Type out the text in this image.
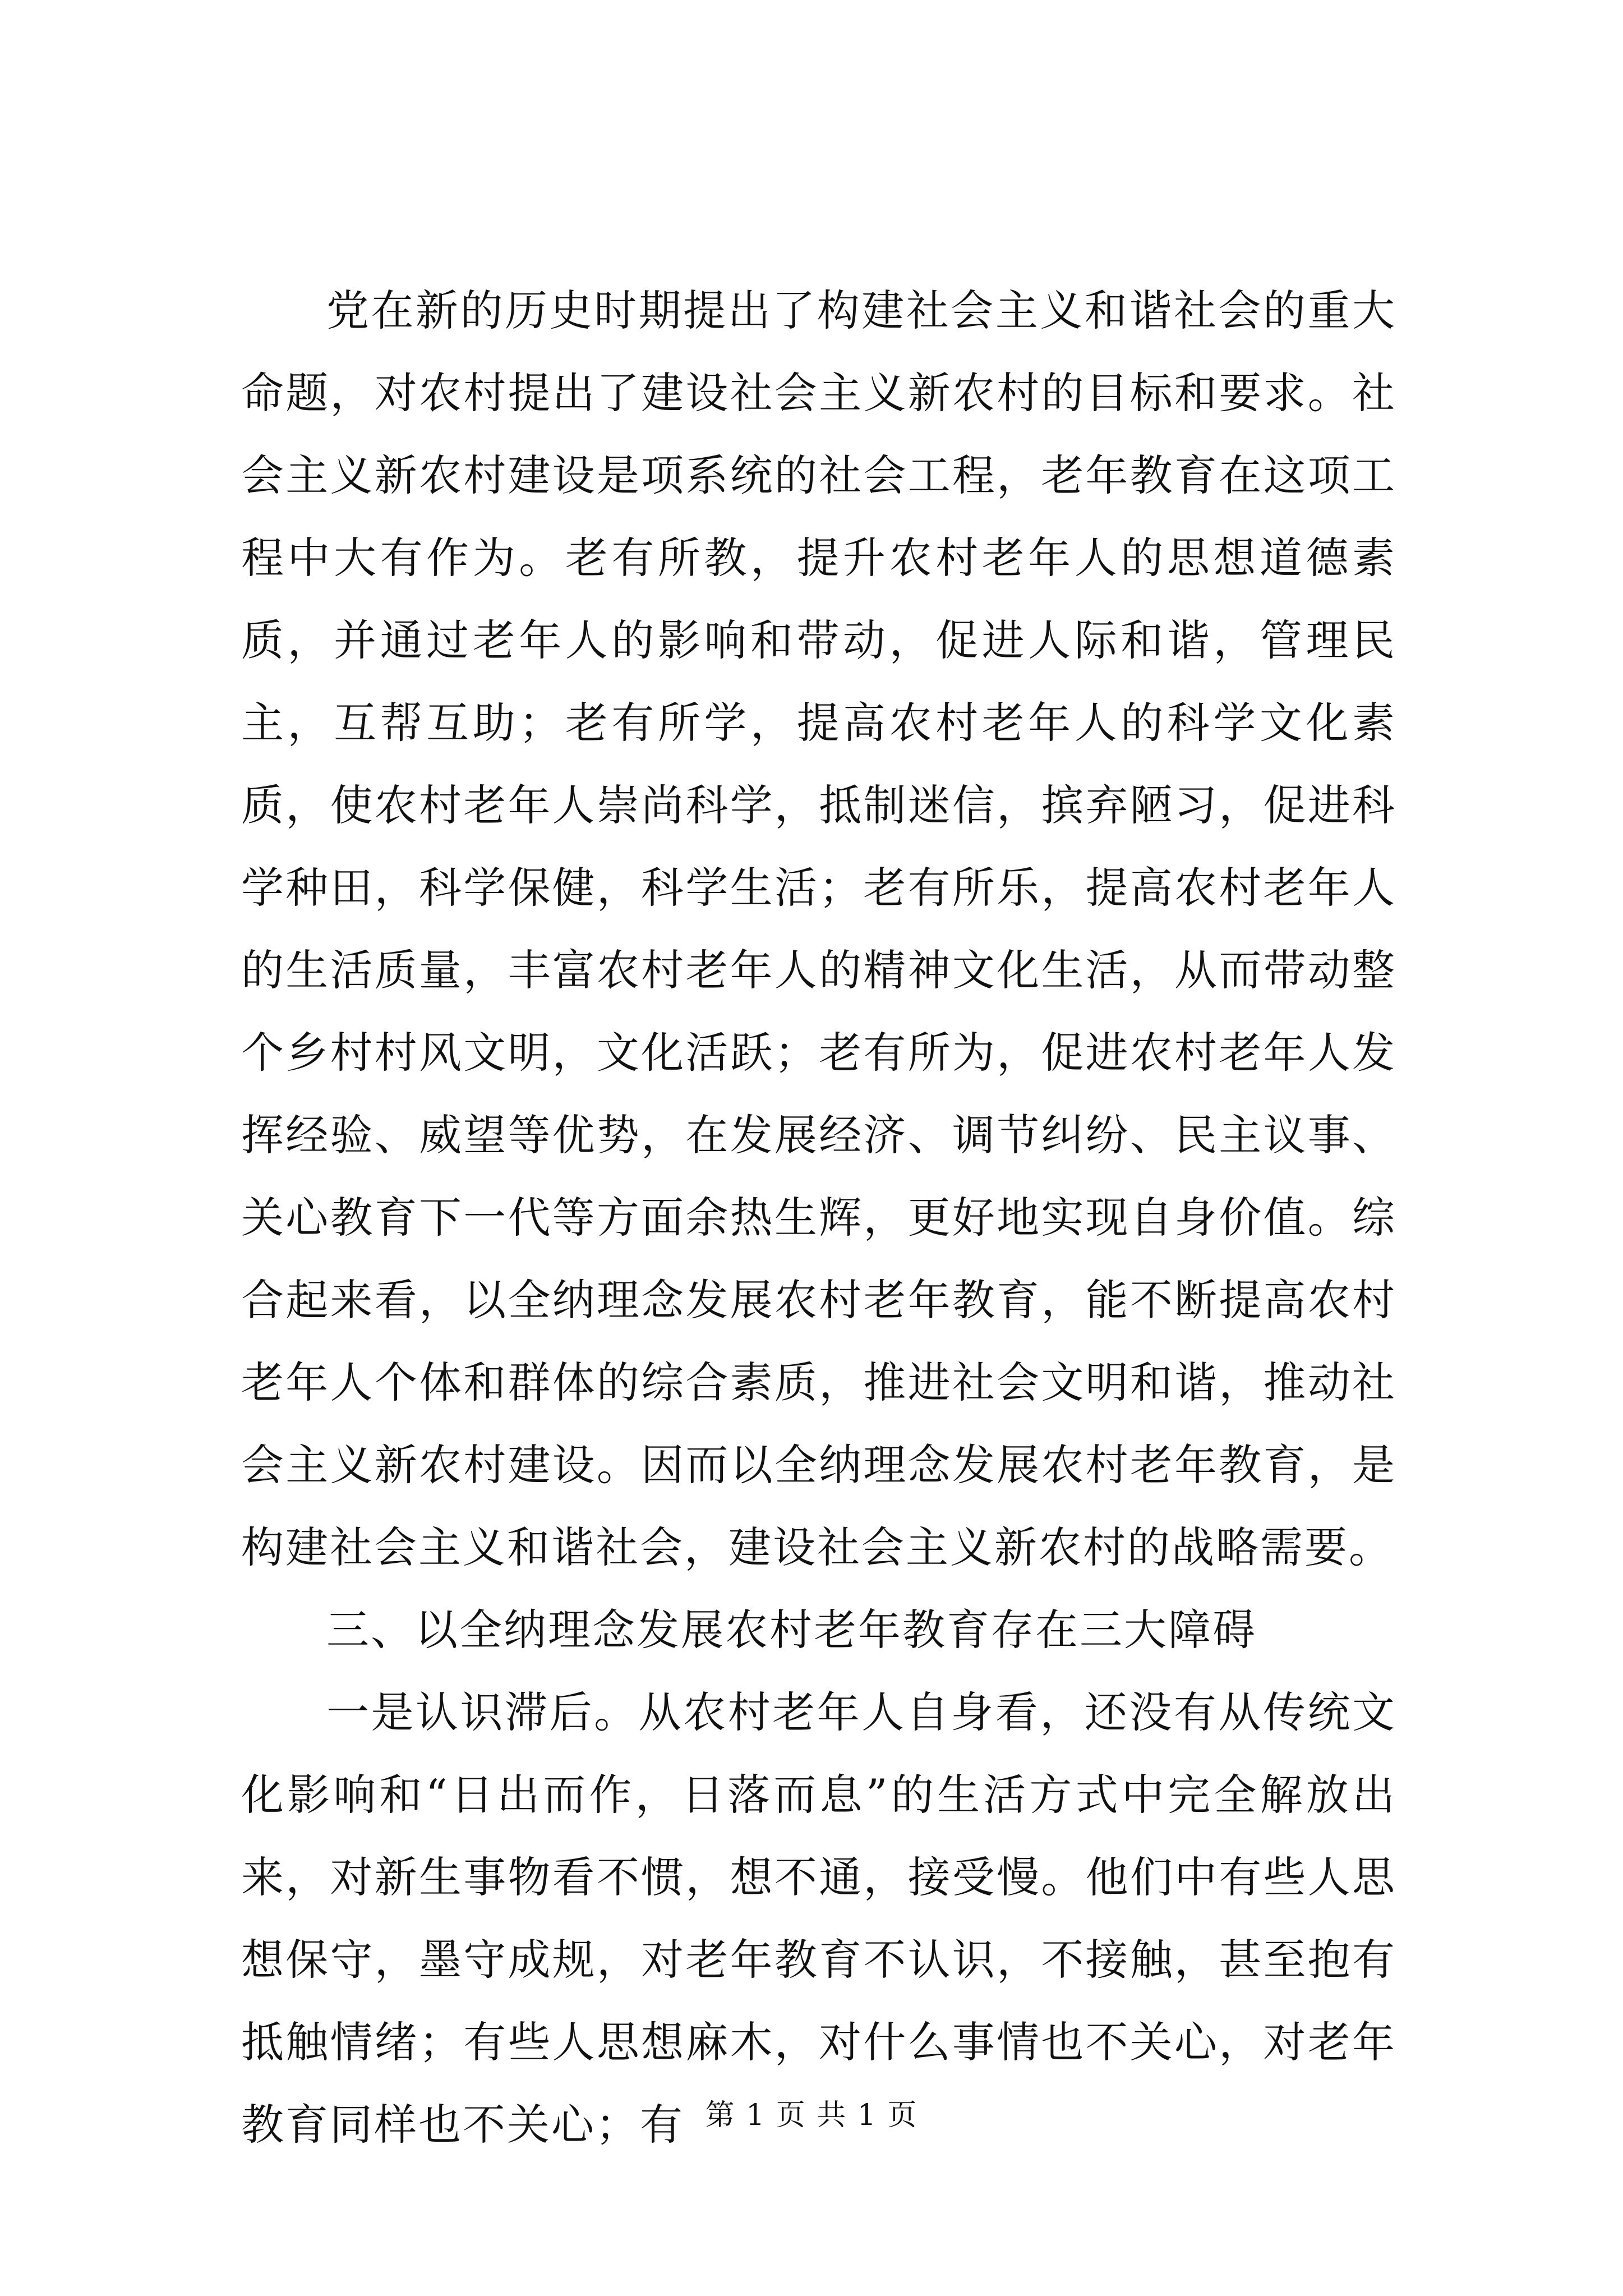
党在新的历史时期提出了构建社会主义和谐社会的重大命题，对农村提出了建设社会主义新农村的目标和要求。社会主义新农村建设是项系统的社会工程，老年教育在这项工程中大有作为。老有所教，提升农村老年人的思想道德素质，并通过老年人的影响和带动，促进人际和谐，管理民主，互帮互助；老有所学，提高农村老年人的科学文化素质，使农村老年人崇尚科学，抵制迷信，摈弃陋习，促进科学种田，科学保健，科学生活；老有所乐，提高农村老年人的生活质量，丰富农村老年人的精神文化生活，从而带动整个乡村村风文明，文化活跃；老有所为，促进农村老年人发挥经验、威望等优势，在发展经济、调节纠纷、民主议事、关心教育下一代等方面余热生辉，更好地实现自身价值。综合起来看，以全纳理念发展农村老年教育，能不断提高农村老年人个体和群体的综合素质，推进社会文明和谐，推动社会主义新农村建设。因而以全纳理念发展农村老年教育，是构建社会主义和谐社会，建设社会主义新农村的战略需要。

三、以全纳理念发展农村老年教育存在三大障碍

一是认识滞后。从农村老年人自身看，还没有从传统文化影响和“日出而作，日落而息”的生活方式中完全解放出来，对新生事物看不惯，想不通，接受慢。他们中有些人思想保守，墨守成规，对老年教育不认识，不接触，甚至抱有抵触情绪；有些人思想麻木，对什么事情也不关心，对老年教育同样也不关心；有 第 1 页 共 1 页
